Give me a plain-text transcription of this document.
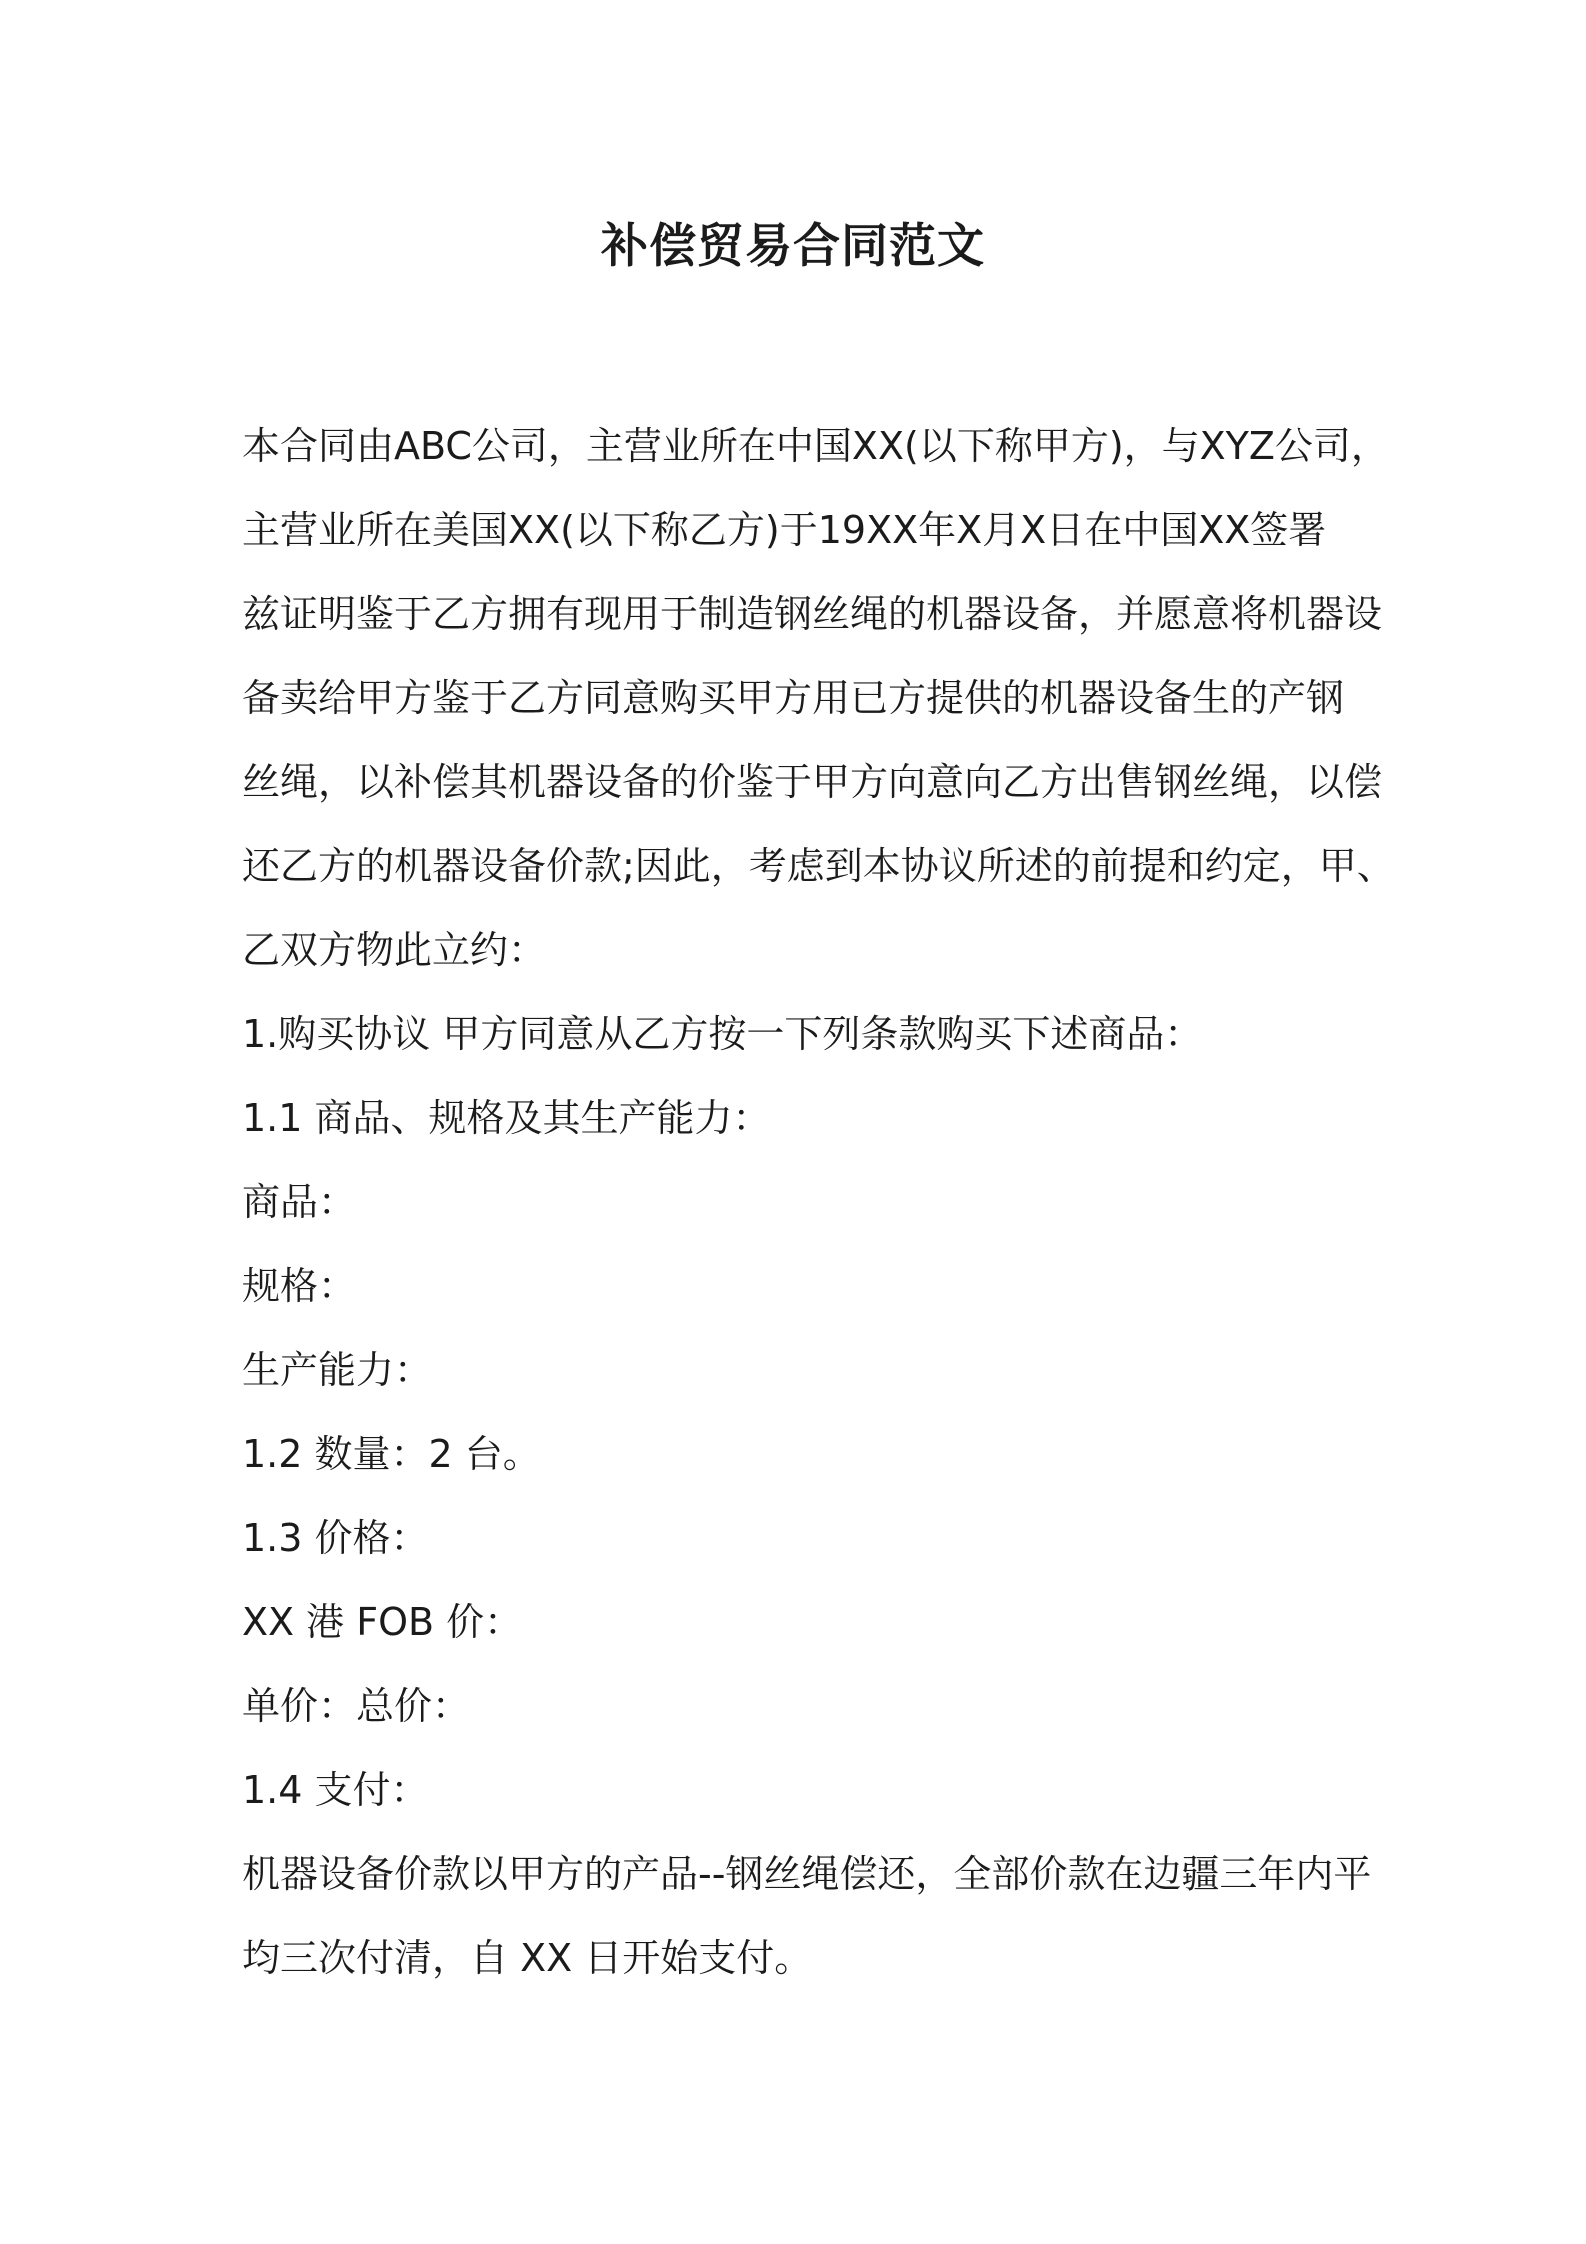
补偿贸易合同范文
本合同由ABC公司，主营业所在中国XX(以下称甲方)，与XYZ公司，
主营业所在美国XX(以下称乙方)于19XX年X月X日在中国XX签署
兹证明鉴于乙方拥有现用于制造钢丝绳的机器设备，并愿意将机器设
备卖给甲方鉴于乙方同意购买甲方用已方提供的机器设备生的产钢
丝绳，以补偿其机器设备的价鉴于甲方向意向乙方出售钢丝绳，以偿
还乙方的机器设备价款;因此，考虑到本协议所述的前提和约定，甲、
乙双方物此立约：
1.购买协议 甲方同意从乙方按一下列条款购买下述商品：
1.1 商品、规格及其生产能力：
商品：
规格：
生产能力：
1.2 数量：2 台。
1.3 价格：
XX 港 FOB 价：
单价：总价：
1.4 支付：
机器设备价款以甲方的产品--钢丝绳偿还，全部价款在边疆三年内平
均三次付清，自 XX 日开始支付。
